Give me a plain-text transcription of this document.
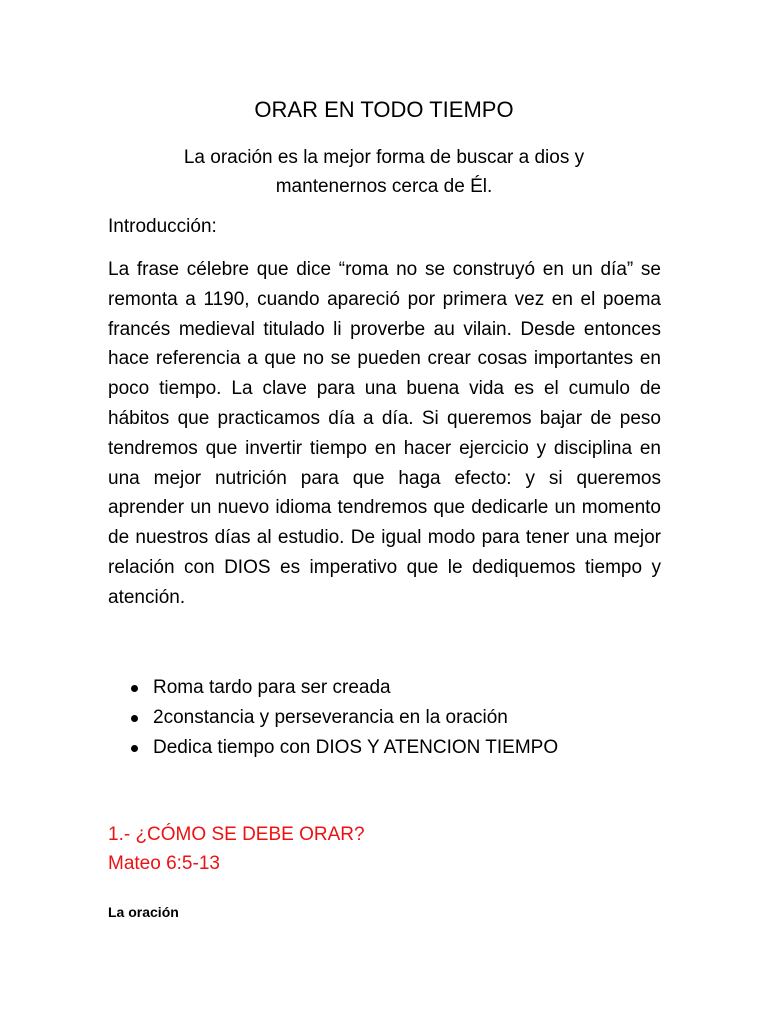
ORAR EN TODO TIEMPO
La oración es la mejor forma de buscar a dios y
mantenernos cerca de Él.
Introducción:

La frase célebre que dice “roma no se construyó en un día” se remonta a 1190, cuando apareció por primera vez en el poema francés medieval titulado li proverbe au vilain. Desde entonces hace referencia a que no se pueden crear cosas importantes en poco tiempo. La clave para una buena vida es el cumulo de hábitos que practicamos día a día. Si queremos bajar de peso tendremos que invertir tiempo en hacer ejercicio y disciplina en una mejor nutrición para que haga efecto: y si queremos aprender un nuevo idioma tendremos que dedicarle un momento de nuestros días al estudio. De igual modo para tener una mejor relación con DIOS es imperativo que le dediquemos tiempo y atención.

Roma tardo para ser creada
2constancia y perseverancia en la oración
Dedica tiempo con DIOS Y ATENCION TIEMPO
1.- ¿CÓMO SE DEBE ORAR?
Mateo 6:5-13
La oración
